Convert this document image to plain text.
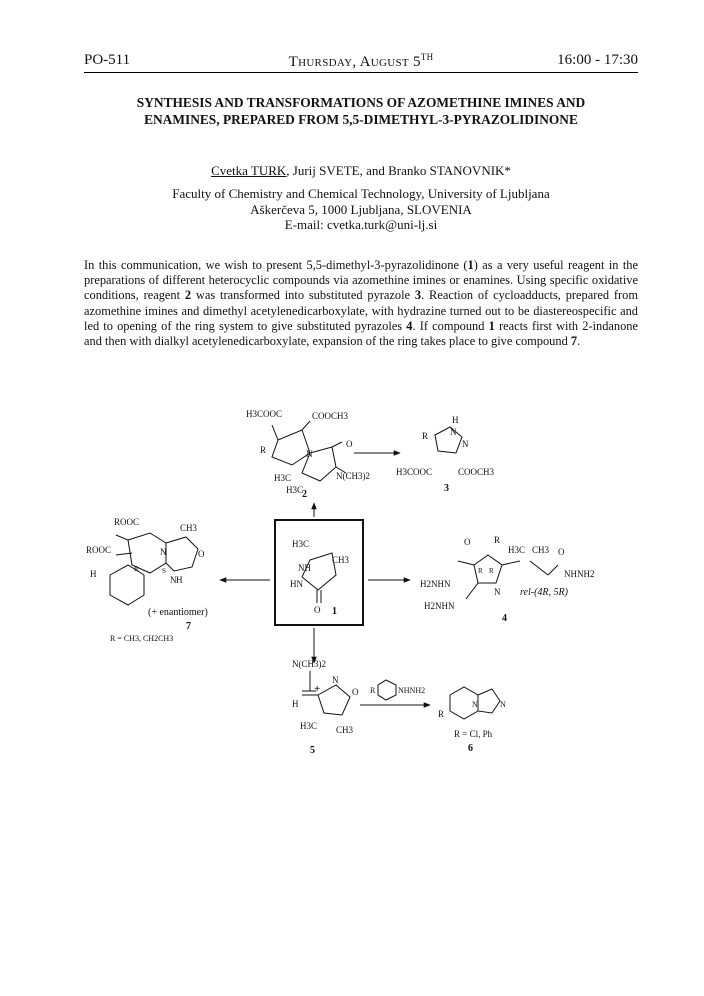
PO-511	Thursday, August 5TH	16:00 - 17:30
SYNTHESIS AND TRANSFORMATIONS OF AZOMETHINE IMINES AND ENAMINES, PREPARED FROM 5,5-DIMETHYL-3-PYRAZOLIDINONE
Cvetka TURK, Jurij SVETE, and Branko STANOVNIK*
Faculty of Chemistry and Chemical Technology, University of Ljubljana
Aškerčeva 5, 1000 Ljubljana, SLOVENIA
E-mail: cvetka.turk@uni-lj.si
In this communication, we wish to present 5,5-dimethyl-3-pyrazolidinone (1) as a very useful reagent in the preparations of different heterocyclic compounds via azomethine imines or enamines. Using specific oxidative conditions, reagent 2 was transformed into substituted pyrazole 3. Reaction of cycloadducts, prepared from azomethine imines and dimethyl acetylenedicarboxylate, with hydrazine turned out to be diastereospecific and led to opening of the ring system to give substituted pyrazoles 4. If compound 1 reacts first with 2-indanone and then with dialkyl acetylenedicarboxylate, expansion of the ring takes place to give compound 7.
H3C
CH3
NH
HN
O 1
H3COOC	COOCH3
R	N
O
N(CH3)2
H3C
H3C
2
R
H
N
N
H3COOC	COOCH3
3
R
H3C CH3 O
NHNH2
O
H2NHN
H2NHN
N
R R
rel-(4R, 5R)
4
N(CH3)2
H
+
N
O
H3C CH3
5
R	NHNH2
R
N	N
R = Cl, Ph
6
ROOC
ROOC
CH3
O
N
N H
H	R	S
(+ enantiomer)
7
R = CH3, CH2CH3
